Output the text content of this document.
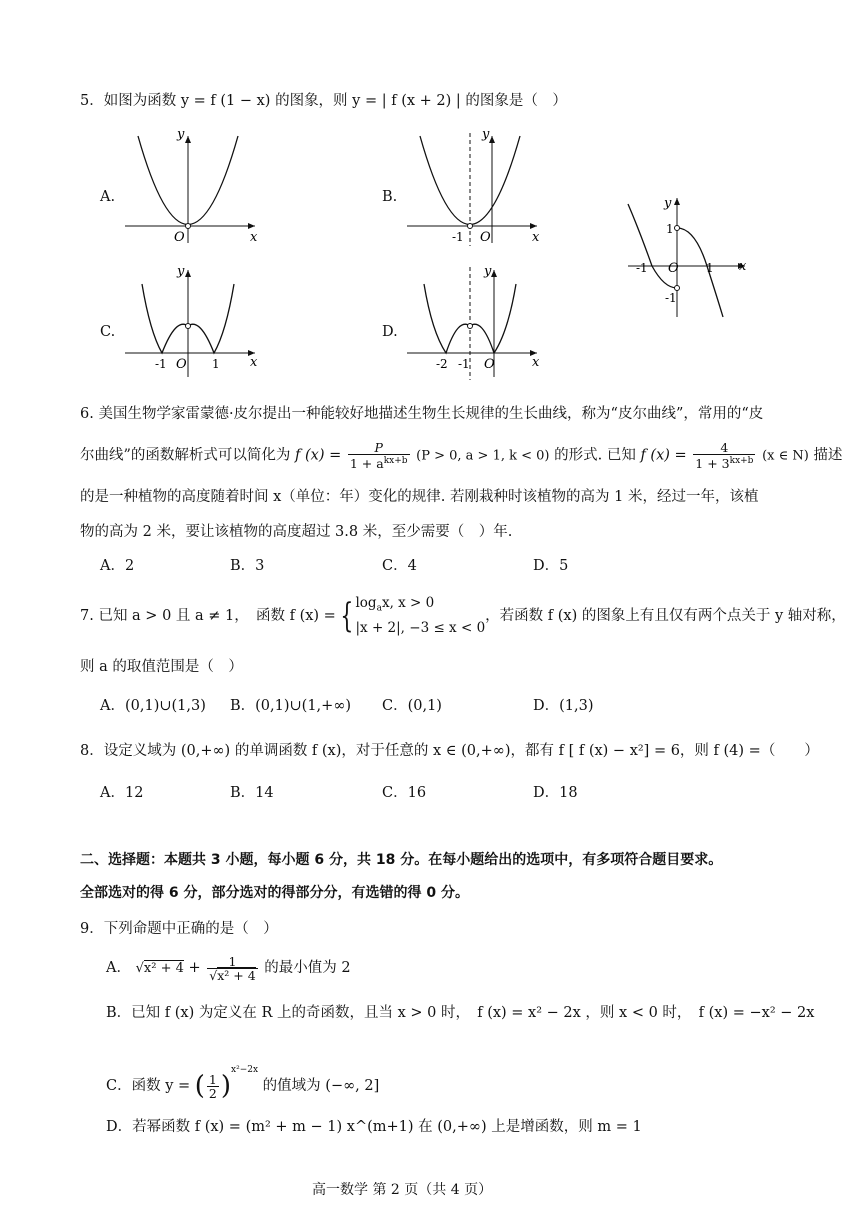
5．如图为函数 y = f (1 − x) 的图象，则 y = | f (x + 2) | 的图象是（　）
A.
y
x
O
B.
y
x
O
-1
y
x
1
-1
-1 O 1
C.
y
x
O
-1	1
D.
y
x
O
-2 -1
6. 美国生物学家雷蒙德·皮尔提出一种能较好地描述生物生长规律的生长曲线，称为“皮尔曲线”，常用的“皮
尔曲线”的函数解析式可以简化为 f $(x) = \frac{P}{1 + a^{kx+b}} (P > 0$, a > 1, k < 0) 的形式. 已知 f $(x) = \frac{4}{1 + 3^{kx+b}} (x$ ∈ N) 描述
的是一种植物的高度随着时间 x（单位：年）变化的规律. 若刚栽种时该植物的高为 1 米，经过一年，该植
物的高为 2 米，要让该植物的高度超过 3.8 米，至少需要（　）年.
A．2	B．3	C．4	D．5
7. 已知 a > 0 且 a ≠ 1，　函数 f (x) = { $\log_ax$, x > 0
|x + 2|, −3 ≤ x < 0
，若函数 f (x) 的图象上有且仅有两个点关于 y 轴对称，
则 a 的取值范围是（　）
A．(0,1)∪(1,3) B．(0,1)∪(1,+∞) C．(0,1)	D．(1,3)
8．设定义域为 (0,+∞) 的单调函数 f (x)，对于任意的 x ∈ (0,+∞)，都有 f [ f (x) − x²] = 6，则 f (4) =（　　）
A．12	B．14	C．16	D．18
二、选择题：本题共 3 小题，每小题 6 分，共 18 分。在每小题给出的选项中，有多项符合题目要求。
全部选对的得 6 分，部分选对的得部分分，有选错的得 0 分。
9．下列命题中正确的是（　）
A． $√x^2 + 4 + \frac{1}{\text{√x² + 4}}$ 的最小值为 2
B．已知 f (x) 为定义在 R 上的奇函数，且当 x > 0 时，　f (x) = x² − 2x ，则 x < 0 时，　f (x) = −x² − 2x
C．函数 y = ( $\frac{1}{2} )^{x^2-2x}$ 的值域为 (−∞, 2]
D．若幂函数 f (x) = (m² + m − 1) x^(m+1) 在 (0,+∞) 上是增函数，则 m = 1
高一数学 第 2 页（共 4 页）
